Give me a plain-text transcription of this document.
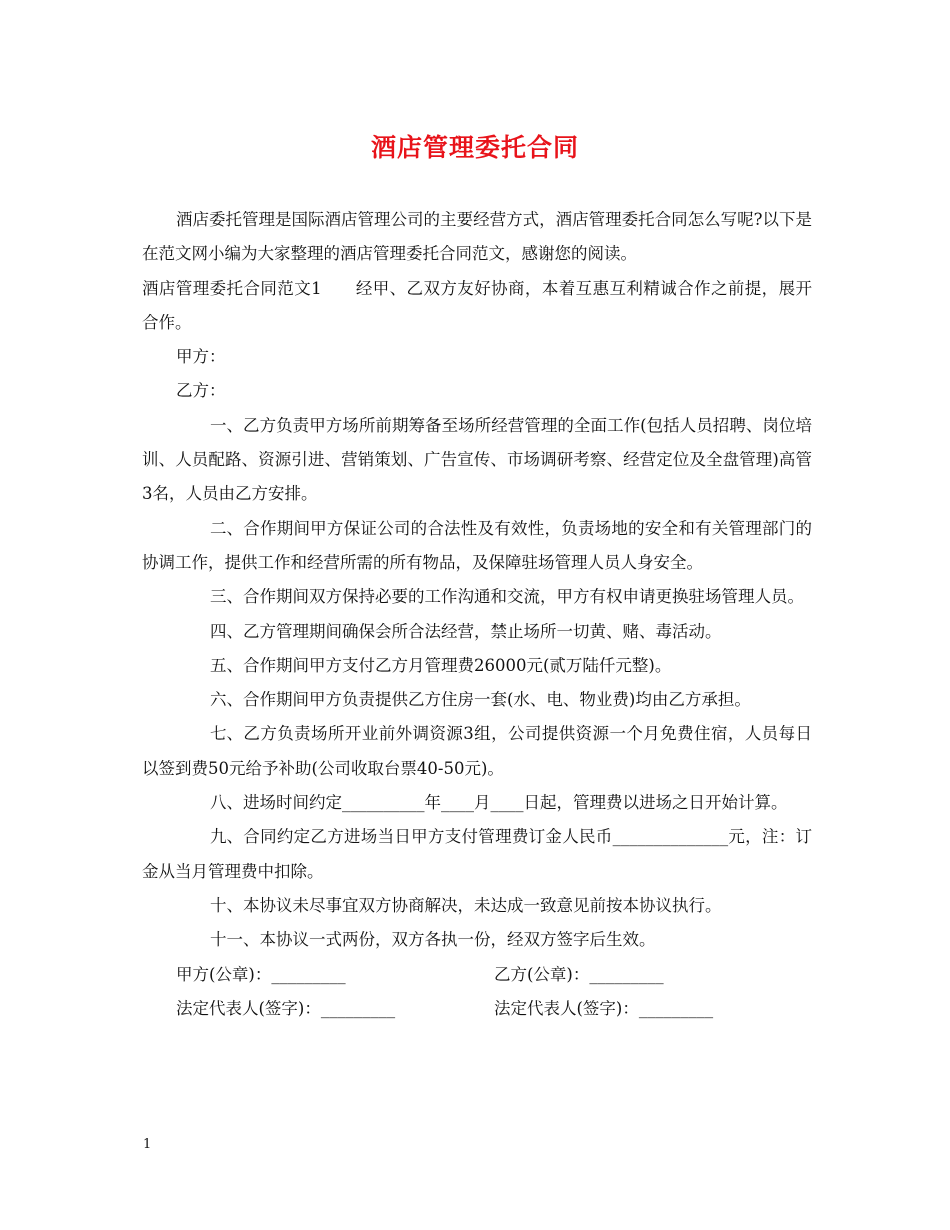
酒店管理委托合同

酒店委托管理是国际酒店管理公司的主要经营方式，酒店管理委托合同怎么写呢?以下是在范文网小编为大家整理的酒店管理委托合同范文，感谢您的阅读。

酒店管理委托合同范文1　　经甲、乙双方友好协商，本着互惠互利精诚合作之前提，展开合作。

甲方：

乙方：

一、乙方负责甲方场所前期筹备至场所经营管理的全面工作(包括人员招聘、岗位培训、人员配路、资源引进、营销策划、广告宣传、市场调研考察、经营定位及全盘管理)高管3名，人员由乙方安排。

二、合作期间甲方保证公司的合法性及有效性，负责场地的安全和有关管理部门的协调工作，提供工作和经营所需的所有物品，及保障驻场管理人员人身安全。

三、合作期间双方保持必要的工作沟通和交流，甲方有权申请更换驻场管理人员。

四、乙方管理期间确保会所合法经营，禁止场所一切黄、赌、毒活动。

五、合作期间甲方支付乙方月管理费26000元(贰万陆仟元整)。

六、合作期间甲方负责提供乙方住房一套(水、电、物业费)均由乙方承担。

七、乙方负责场所开业前外调资源3组，公司提供资源一个月免费住宿，人员每日以签到费50元给予补助(公司收取台票40-50元)。

八、进场时间约定__________年____月____日起，管理费以进场之日开始计算。

九、合同约定乙方进场当日甲方支付管理费订金人民币______________元，注：订金从当月管理费中扣除。

十、本协议未尽事宜双方协商解决，未达成一致意见前按本协议执行。

十一、本协议一式两份，双方各执一份，经双方签字后生效。

甲方(公章)：_________	乙方(公章)：_________
法定代表人(签字)：_________	法定代表人(签字)：_________
1
